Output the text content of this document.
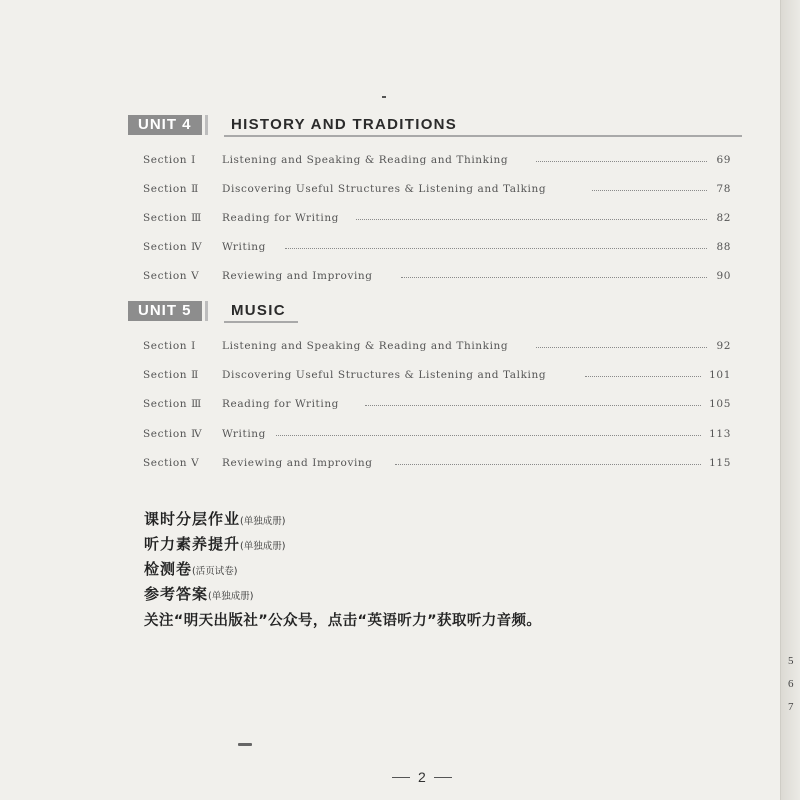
5
6
7
UNIT 4	HISTORY AND TRADITIONS
Section Ⅰ	Listening and Speaking & Reading and Thinking	69
Section Ⅱ	Discovering Useful Structures & Listening and Talking	78
Section Ⅲ	Reading for Writing	82
Section Ⅳ	Writing	88
Section Ⅴ	Reviewing and Improving	90
UNIT 5	MUSIC
Section Ⅰ	Listening and Speaking & Reading and Thinking	92
Section Ⅱ	Discovering Useful Structures & Listening and Talking	101
Section Ⅲ	Reading for Writing	105
Section Ⅳ	Writing	113
Section Ⅴ	Reviewing and Improving	115
课时分层作业(单独成册)
听力素养提升(单独成册)
检测卷(活页试卷)
参考答案(单独成册)
关注“明天出版社”公众号，点击“英语听力”获取听力音频。
2
